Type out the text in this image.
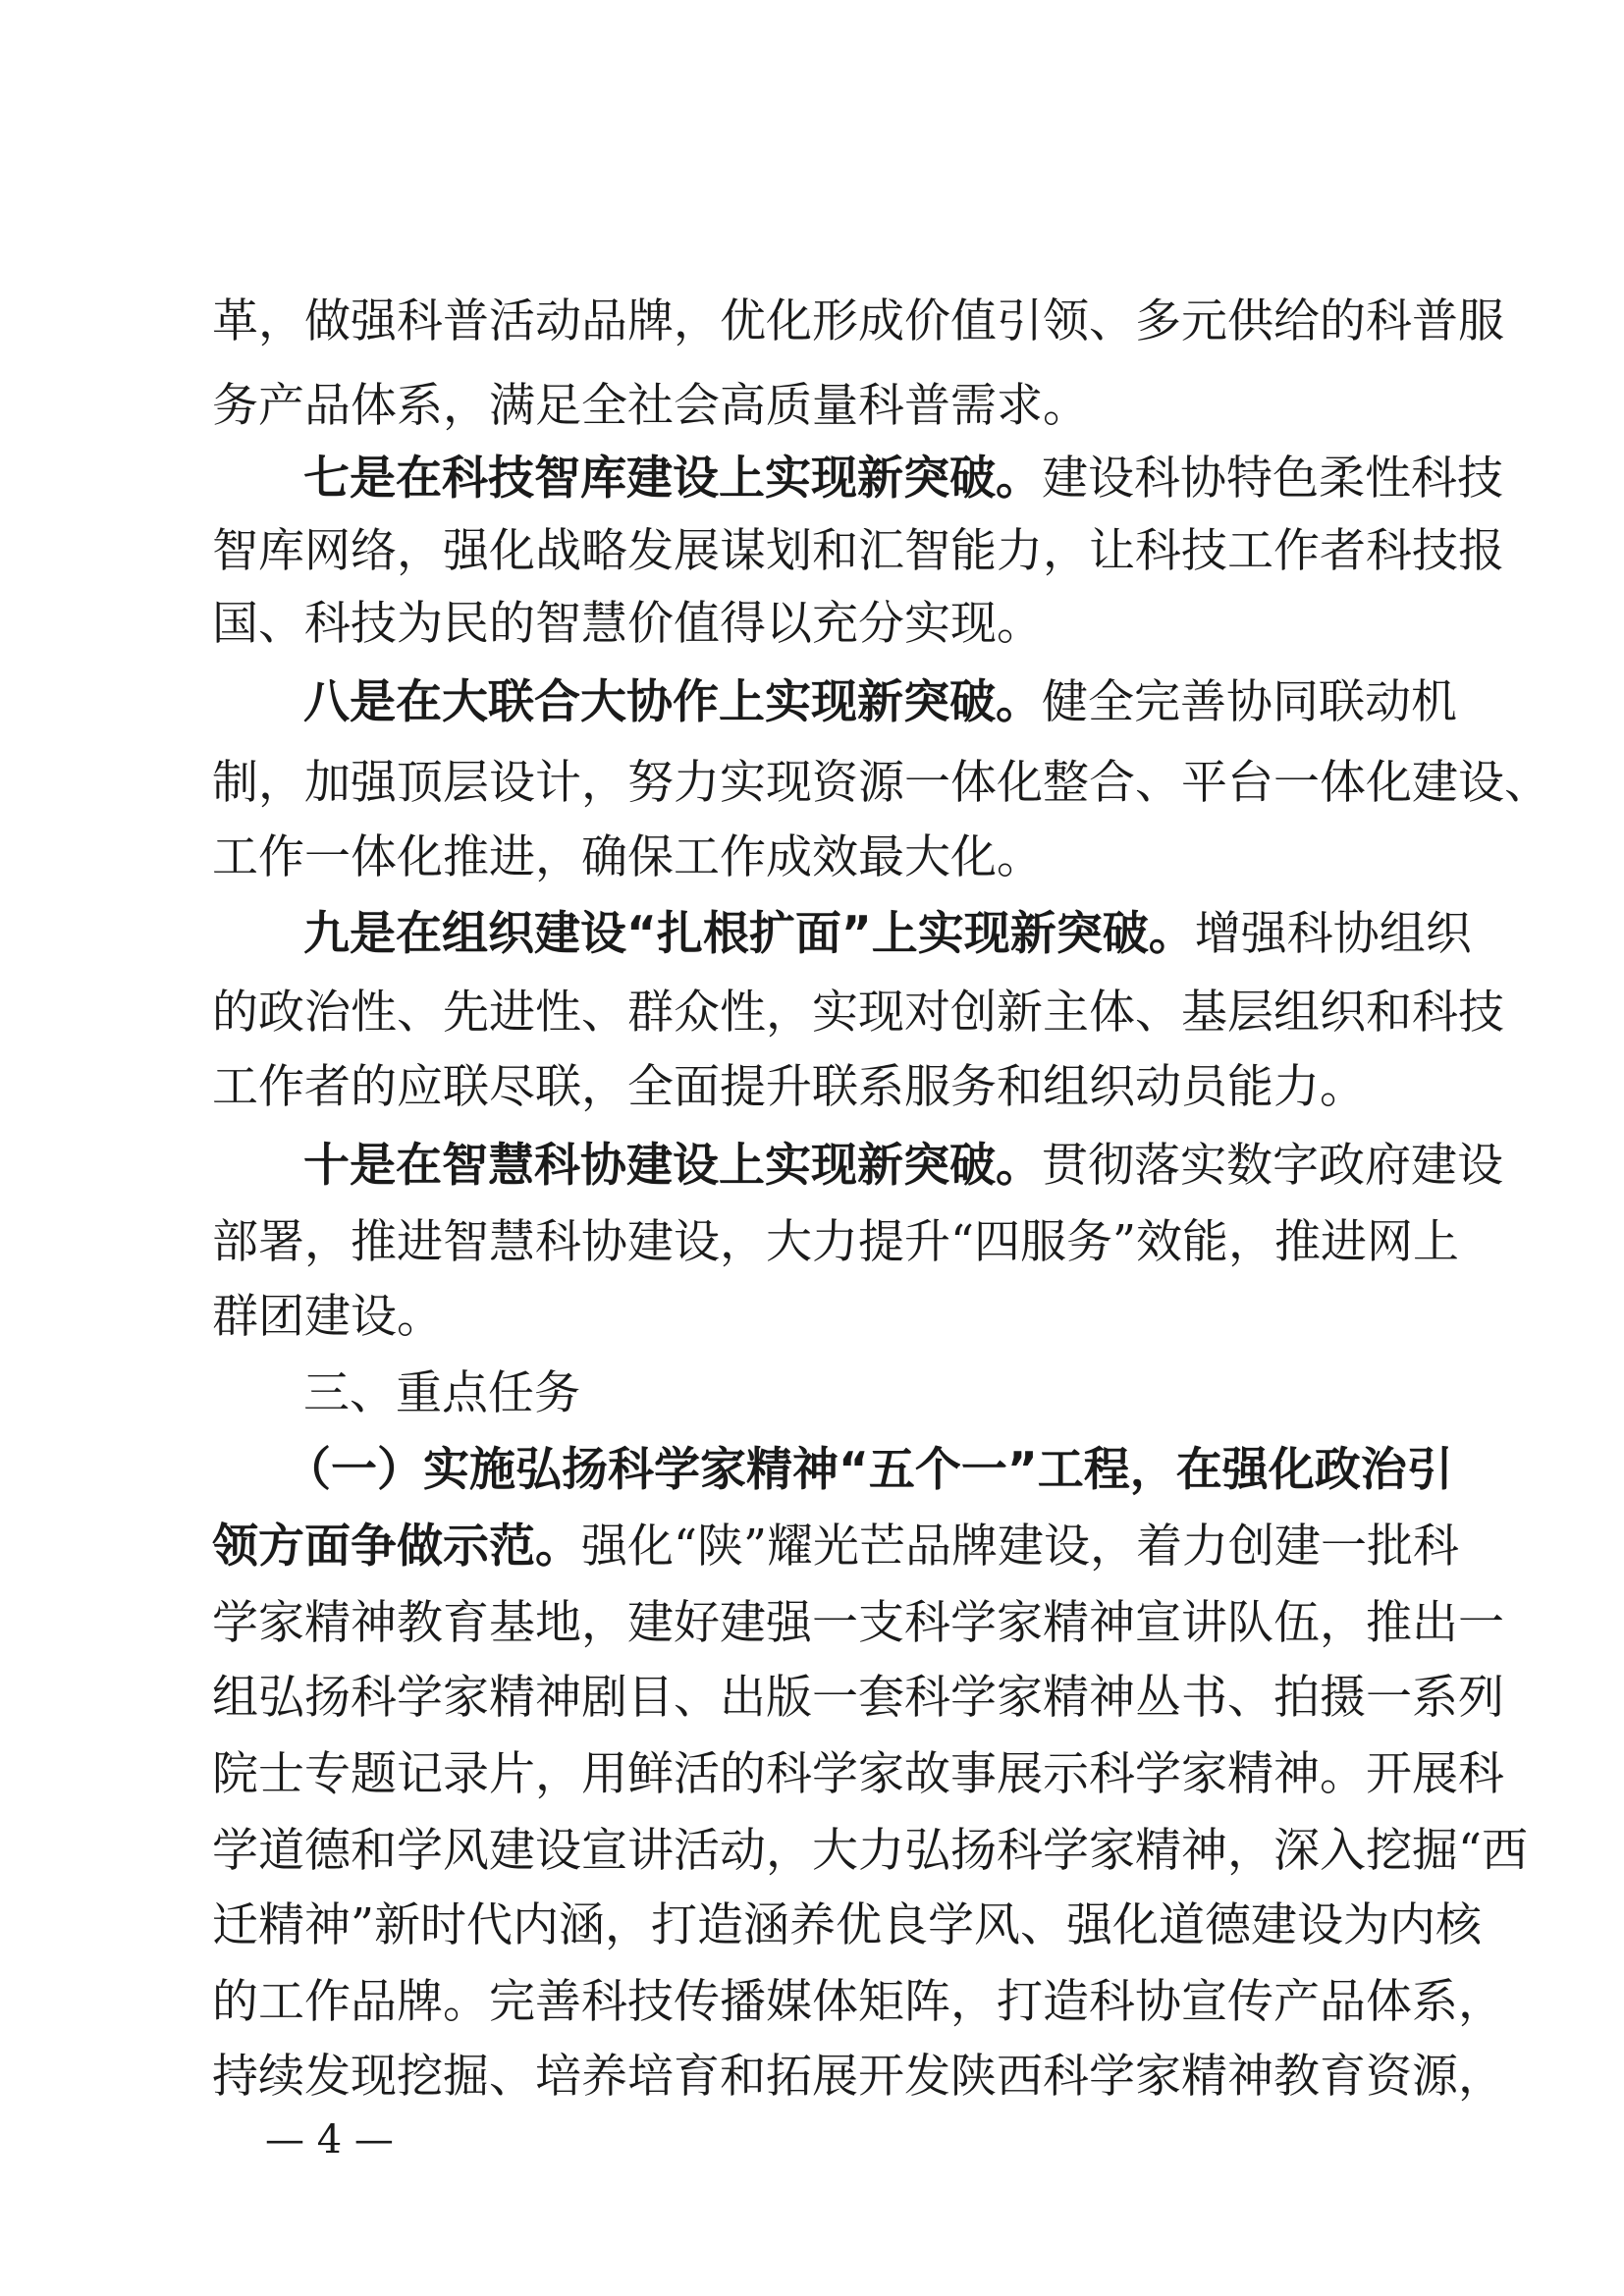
革，做强科普活动品牌，优化形成价值引领、多元供给的科普服
务产品体系，满足全社会高质量科普需求。
七是在科技智库建设上实现新突破。建设科协特色柔性科技
智库网络，强化战略发展谋划和汇智能力，让科技工作者科技报
国、科技为民的智慧价值得以充分实现。
八是在大联合大协作上实现新突破。健全完善协同联动机
制，加强顶层设计，努力实现资源一体化整合、平台一体化建设、
工作一体化推进，确保工作成效最大化。
九是在组织建设“扎根扩面”上实现新突破。增强科协组织
的政治性、先进性、群众性，实现对创新主体、基层组织和科技
工作者的应联尽联，全面提升联系服务和组织动员能力。
十是在智慧科协建设上实现新突破。贯彻落实数字政府建设
部署，推进智慧科协建设，大力提升“四服务”效能，推进网上
群团建设。
三、重点任务
（一）实施弘扬科学家精神“五个一”工程，在强化政治引
领方面争做示范。强化“陕”耀光芒品牌建设，着力创建一批科
学家精神教育基地，建好建强一支科学家精神宣讲队伍，推出一
组弘扬科学家精神剧目、出版一套科学家精神丛书、拍摄一系列
院士专题记录片，用鲜活的科学家故事展示科学家精神。开展科
学道德和学风建设宣讲活动，大力弘扬科学家精神，深入挖掘“西
迁精神”新时代内涵，打造涵养优良学风、强化道德建设为内核
的工作品牌。完善科技传播媒体矩阵，打造科协宣传产品体系，
持续发现挖掘、培养培育和拓展开发陕西科学家精神教育资源，
— 4 —
